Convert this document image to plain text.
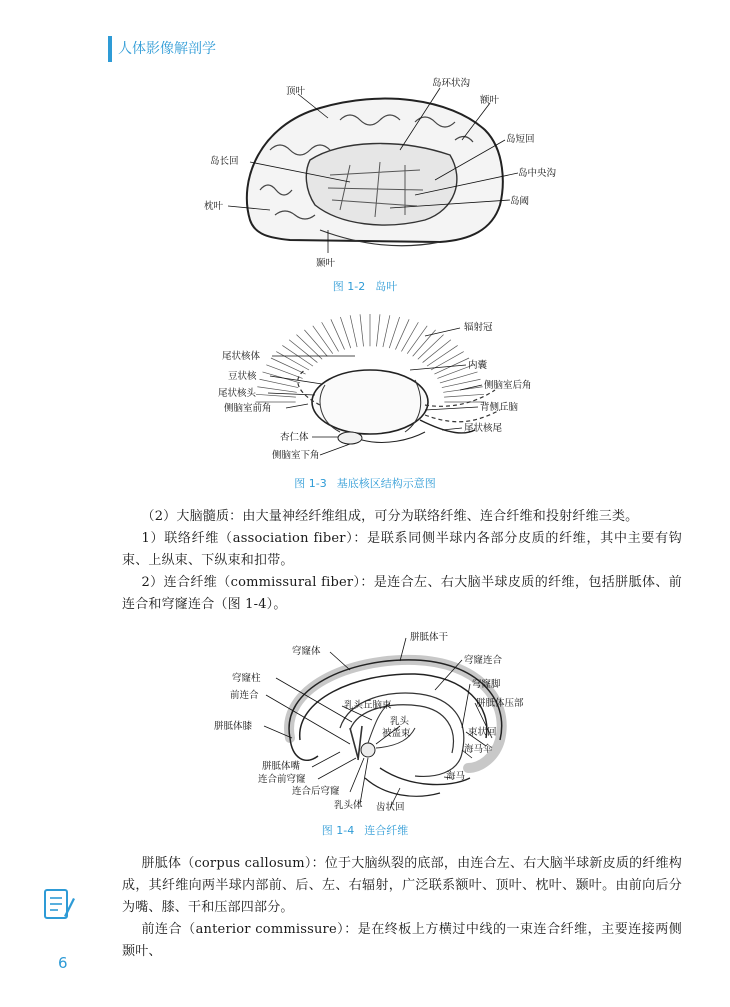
人体影像解剖学
顶叶
岛环状沟
额叶
岛短回
岛长回
岛中央沟
枕叶	岛阈
颞叶
图 1-2 岛叶
辐射冠
尾状核体
内囊
豆状核
侧脑室后角
尾状核头
背侧丘脑
侧脑室前角
尾状核尾
杏仁体
侧脑室下角
图 1-3 基底核区结构示意图
（2）大脑髓质：由大量神经纤维组成，可分为联络纤维、连合纤维和投射纤维三类。
1）联络纤维（association fiber）：是联系同侧半球内各部分皮质的纤维，其中主要有钩束、上纵束、下纵束和扣带。
2）连合纤维（commissural fiber）：是连合左、右大脑半球皮质的纤维，包括胼胝体、前连合和穹窿连合（图 1-4）。
胼胝体干
穹窿体
穹窿连合
穹窿柱
穹窿脚
前连合
乳头丘脑束	胼胝体压部
乳头
被盖束
胼胝体膝
束状回
海马伞
胼胝体嘴
连合前穹窿	海马
连合后穹窿
乳头体 齿状回
图 1-4 连合纤维
胼胝体（corpus callosum）：位于大脑纵裂的底部，由连合左、右大脑半球新皮质的纤维构成，其纤维向两半球内部前、后、左、右辐射，广泛联系额叶、顶叶、枕叶、颞叶。由前向后分为嘴、膝、干和压部四部分。
前连合（anterior commissure）：是在终板上方横过中线的一束连合纤维，主要连接两侧颞叶、
6
